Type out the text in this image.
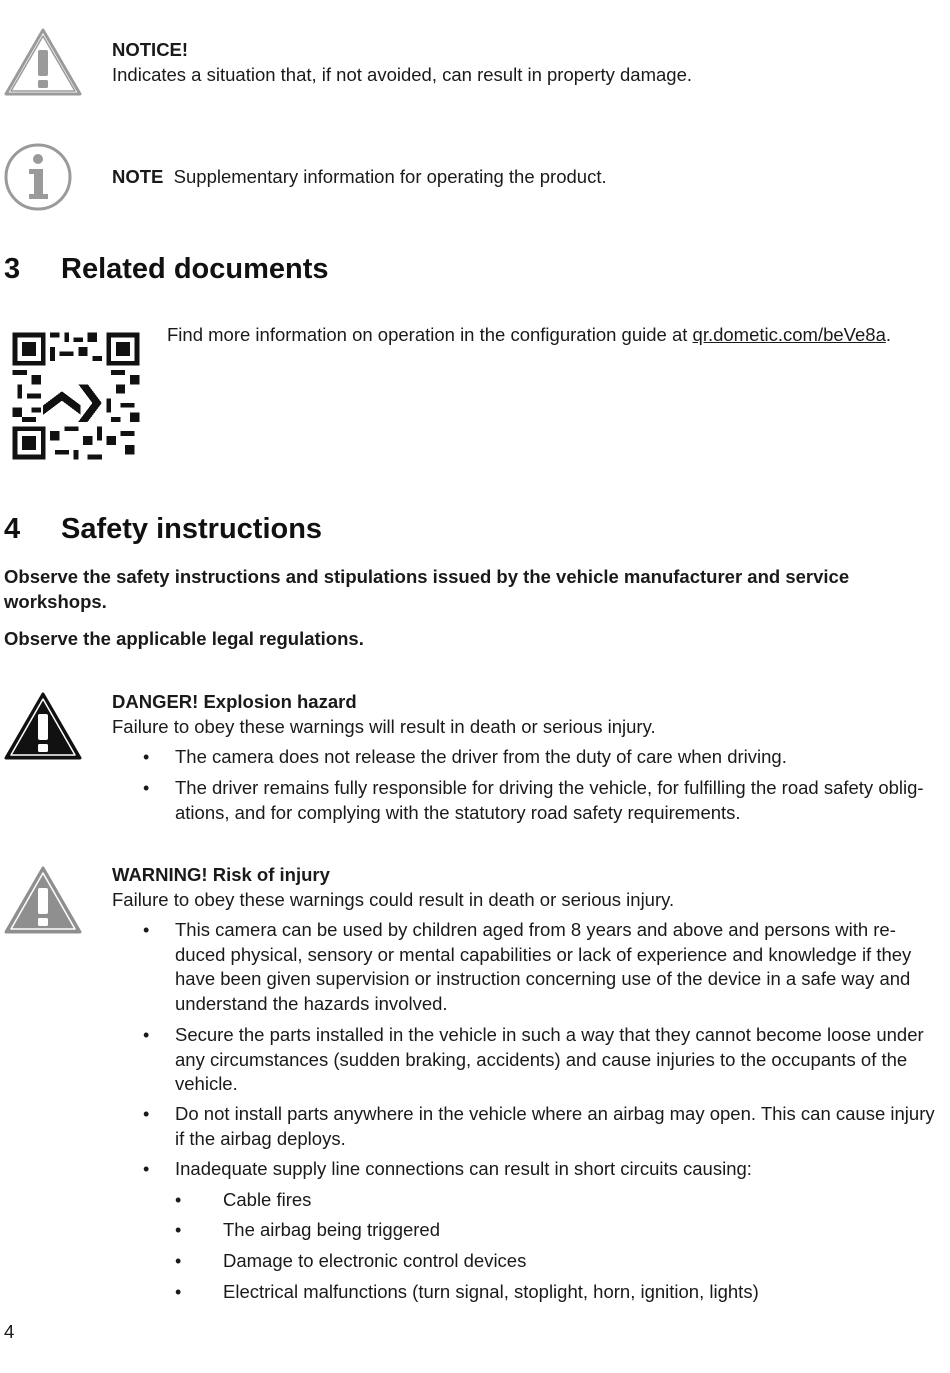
NOTICE!
Indicates a situation that, if not avoided, can result in property damage.
NOTE Supplementary information for operating the product.
3 Related documents
Find more information on operation in the configuration guide at qr.dometic.com/beVe8a.
4 Safety instructions
Observe the safety instructions and stipulations issued by the vehicle manufacturer and service workshops.
Observe the applicable legal regulations.
DANGER! Explosion hazard
Failure to obey these warnings will result in death or serious injury.
• The camera does not release the driver from the duty of care when driving.
• The driver remains fully responsible for driving the vehicle, for fulfilling the road safety oblig-
ations, and for complying with the statutory road safety requirements.
WARNING! Risk of injury
Failure to obey these warnings could result in death or serious injury.
• This camera can be used by children aged from 8 years and above and persons with re-
duced physical, sensory or mental capabilities or lack of experience and knowledge if they
have been given supervision or instruction concerning use of the device in a safe way and
understand the hazards involved.
• Secure the parts installed in the vehicle in such a way that they cannot become loose under
any circumstances (sudden braking, accidents) and cause injuries to the occupants of the
vehicle.
• Do not install parts anywhere in the vehicle where an airbag may open. This can cause injury
if the airbag deploys.
• Inadequate supply line connections can result in short circuits causing:
• Cable fires
• The airbag being triggered
• Damage to electronic control devices
• Electrical malfunctions (turn signal, stoplight, horn, ignition, lights)
4
